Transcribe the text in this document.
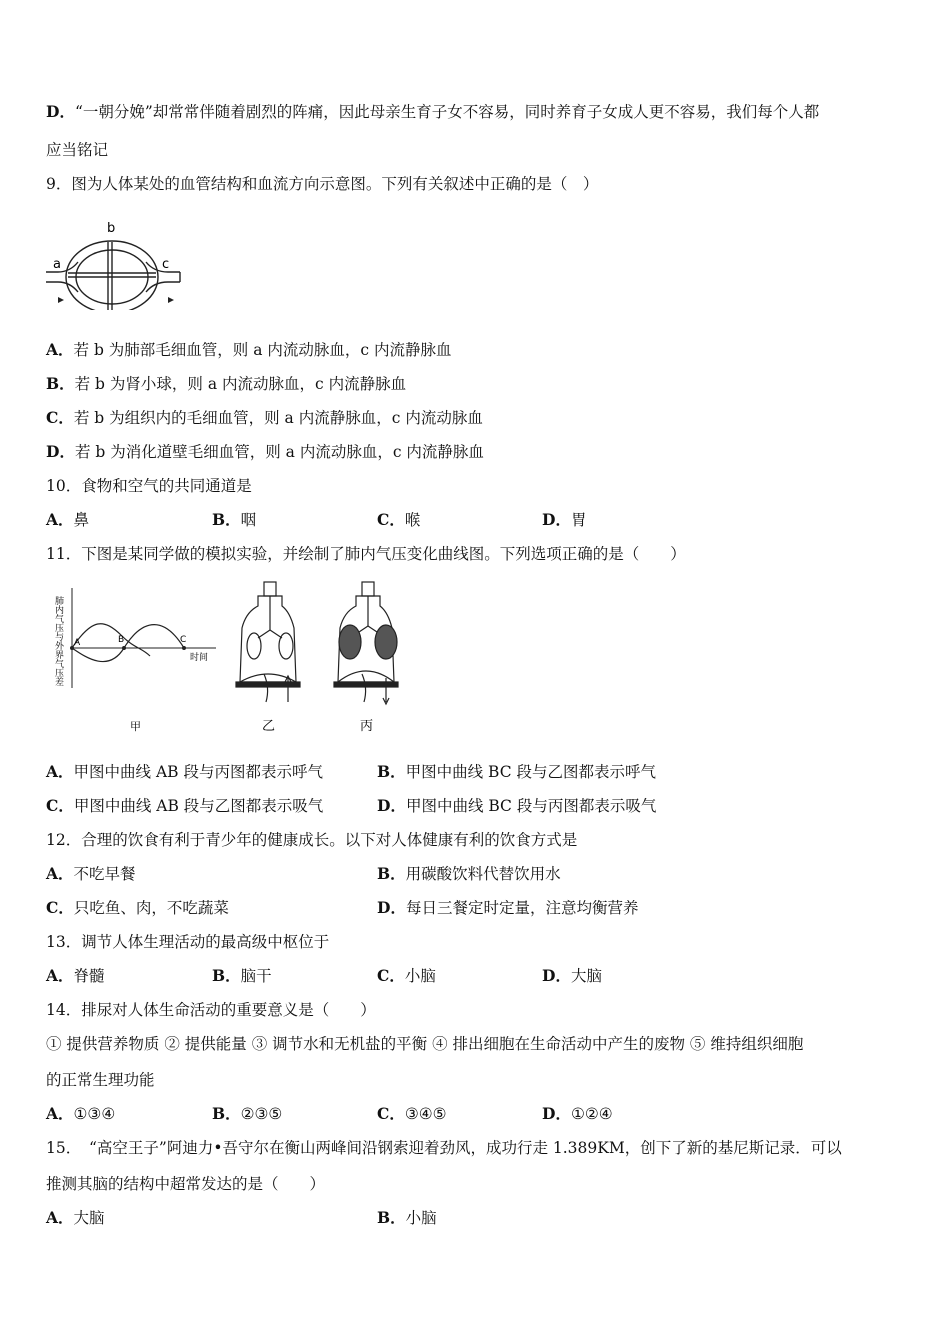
D．“一朝分娩”却常常伴随着剧烈的阵痛，因此母亲生育子女不容易，同时养育子女成人更不容易，我们每个人都
应当铭记
9．图为人体某处的血管结构和血流方向示意图。下列有关叙述中正确的是（　）
a
b
c
A．若 b 为肺部毛细血管，则 a 内流动脉血，c 内流静脉血
B．若 b 为肾小球，则 a 内流动脉血，c 内流静脉血
C．若 b 为组织内的毛细血管，则 a 内流静脉血，c 内流动脉血
D．若 b 为消化道壁毛细血管，则 a 内流动脉血，c 内流静脉血
10．食物和空气的共同通道是
A．鼻	B．咽	C．喉	D．胃
11．下图是某同学做的模拟实验，并绘制了肺内气压变化曲线图。下列选项正确的是（　　）
A	B	C
时间
肺内气压与外界气压差
甲	乙	丙
A．甲图中曲线 AB 段与丙图都表示呼气	B．甲图中曲线 BC 段与乙图都表示呼气
C．甲图中曲线 AB 段与乙图都表示吸气	D．甲图中曲线 BC 段与丙图都表示吸气
12．合理的饮食有利于青少年的健康成长。以下对人体健康有利的饮食方式是
A．不吃早餐	B．用碳酸饮料代替饮用水
C．只吃鱼、肉，不吃蔬菜	D．每日三餐定时定量，注意均衡营养
13．调节人体生理活动的最高级中枢位于
A．脊髓	B．脑干	C．小脑	D．大脑
14．排尿对人体生命活动的重要意义是（　　）
① 提供营养物质 ② 提供能量 ③ 调节水和无机盐的平衡 ④ 排出细胞在生命活动中产生的废物 ⑤ 维持组织细胞
的正常生理功能
A．①③④	B．②③⑤	C．③④⑤	D．①②④
15．　“高空王子”阿迪力•吾守尔在衡山两峰间沿钢索迎着劲风，成功行走 1.389KM，创下了新的基尼斯记录．可以
推测其脑的结构中超常发达的是（　　）
A．大脑	B．小脑
